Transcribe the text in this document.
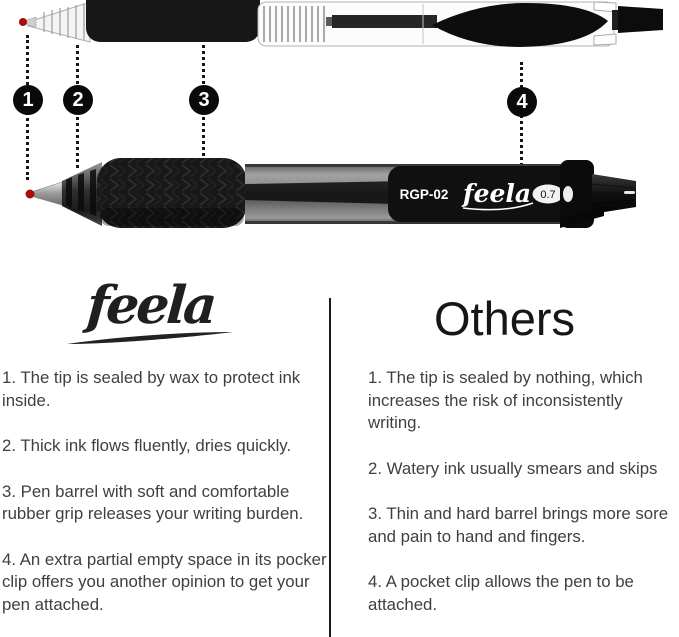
1 2	3	4
RGP-02 feela 0.7
feela	Others

1. The tip is sealed by wax to protect ink inside.

2. Thick ink flows fluently, dries quickly.

3. Pen barrel with soft and comfortable rubber grip releases your writing burden.

4. An extra partial empty space in its pocker clip offers you another opinion to get your pen attached.

1. The tip is sealed by nothing, which increases the risk of inconsistently writing.

2. Watery ink usually smears and skips

3. Thin and hard barrel brings more sore and pain to hand and fingers.

4. A pocket clip allows the pen to be attached.
